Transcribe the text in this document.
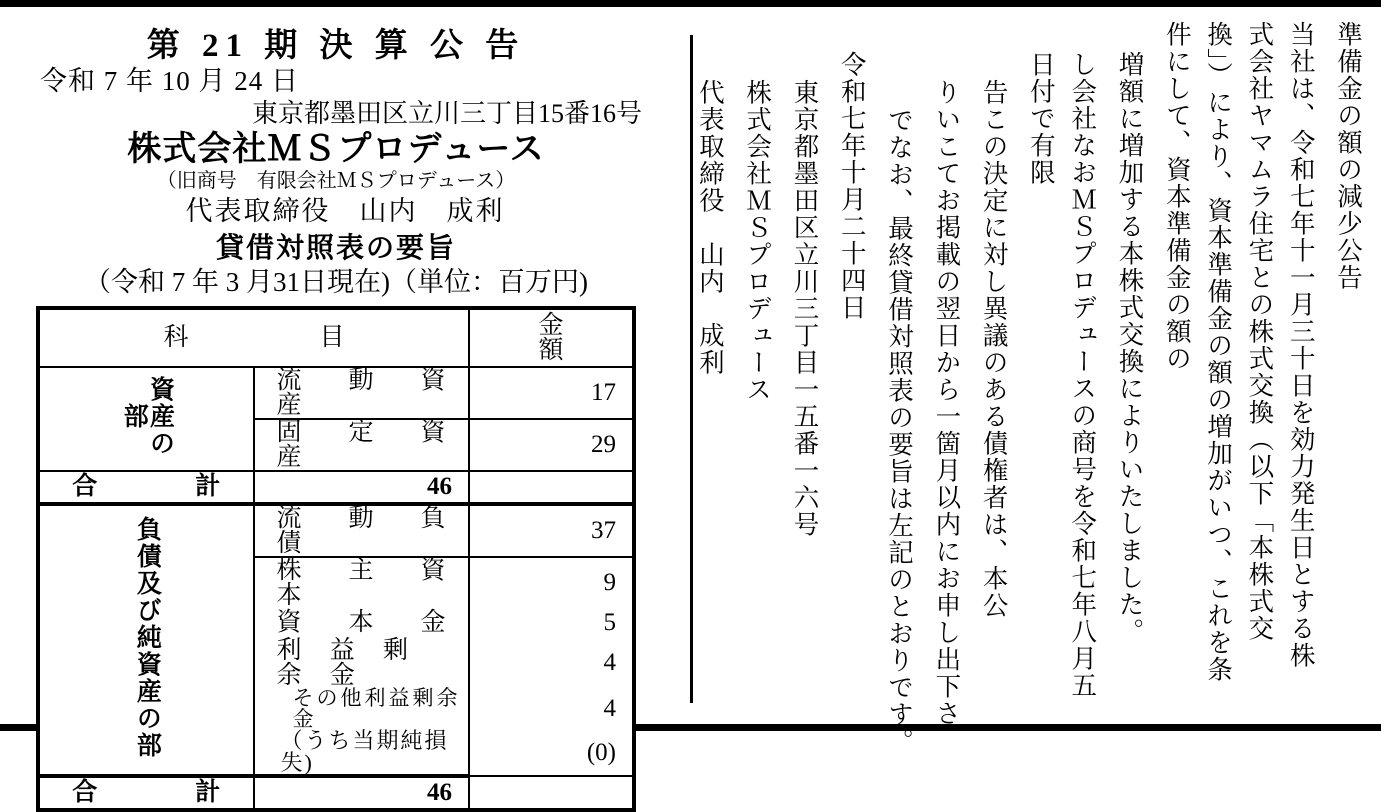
第 21 期 決 算 公 告
令和 7 年 10 月 24 日
東京都墨田区立川三丁目15番16号
株式会社ＭＳプロデュース
（旧商号　有限会社ＭＳプロデュース）
代表取締役　山内　成利
貸借対照表の要旨
（令和 7 年 3 月31日現在)（単位：百万円)
科　　　目		金　　額
資産の部	流　動　資　産	17
	固　定　資　産	29
合　　計	46	
負債及び純資産の部	流　動　負　債	37
	株　主　資　本	9
	資　本　金	5
	利 益 剰 余 金	4
	その他利益剰余金	4
	（うち当期純損失)	(0)
合　　計	46	
準備金の額の減少公告
当社は、令和七年十一月三十日を効力発生日とする株式会社ヤマムラ住宅との株式交換（以下「本株式交換」）により、資本準備金の額の増加がいつ、これを条件にして、資本準備金の額の
増額に増加する本株式交換によりいたしました。
し会社なおＭＳプロデュースの商号を令和七年八月五日付で有限
告この決定に対し異議のある債権者は、本公
りいこてお掲載の翌日から一箇月以内にお申し出下さ
でなお、最終貸借対照表の要旨は左記のとおりです。
令和七年十月二十四日
東京都墨田区立川三丁目一五番一六号
株式会社ＭＳプロデュース
代表取締役　山内　成利
